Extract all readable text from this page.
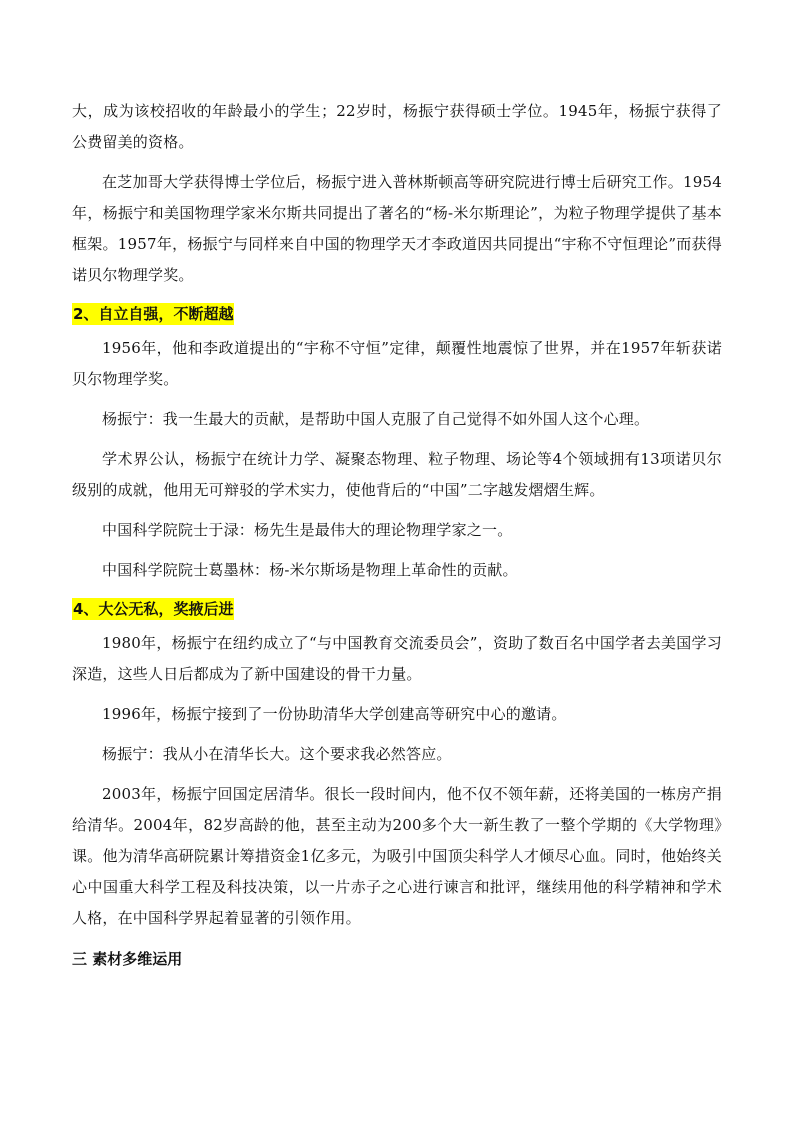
大，成为该校招收的年龄最小的学生；22岁时，杨振宁获得硕士学位。1945年，杨振宁获得了公费留美的资格。

在芝加哥大学获得博士学位后，杨振宁进入普林斯顿高等研究院进行博士后研究工作。1954年，杨振宁和美国物理学家米尔斯共同提出了著名的“杨-米尔斯理论”，为粒子物理学提供了基本框架。1957年，杨振宁与同样来自中国的物理学天才李政道因共同提出“宇称不守恒理论”而获得诺贝尔物理学奖。

2、自立自强，不断超越

1956年，他和李政道提出的“宇称不守恒”定律，颠覆性地震惊了世界，并在1957年斩获诺贝尔物理学奖。

杨振宁：我一生最大的贡献，是帮助中国人克服了自己觉得不如外国人这个心理。

学术界公认，杨振宁在统计力学、凝聚态物理、粒子物理、场论等4个领域拥有13项诺贝尔级别的成就，他用无可辩驳的学术实力，使他背后的“中国”二字越发熠熠生辉。

中国科学院院士于渌：杨先生是最伟大的理论物理学家之一。

中国科学院院士葛墨林：杨-米尔斯场是物理上革命性的贡献。

4、大公无私，奖掖后进

1980年，杨振宁在纽约成立了“与中国教育交流委员会”，资助了数百名中国学者去美国学习深造，这些人日后都成为了新中国建设的骨干力量。

1996年，杨振宁接到了一份协助清华大学创建高等研究中心的邀请。

杨振宁：我从小在清华长大。这个要求我必然答应。

2003年，杨振宁回国定居清华。很长一段时间内，他不仅不领年薪，还将美国的一栋房产捐给清华。2004年，82岁高龄的他，甚至主动为200多个大一新生教了一整个学期的《大学物理》课。他为清华高研院累计筹措资金1亿多元，为吸引中国顶尖科学人才倾尽心血。同时，他始终关心中国重大科学工程及科技决策，以一片赤子之心进行谏言和批评，继续用他的科学精神和学术人格，在中国科学界起着显著的引领作用。

三 素材多维运用
